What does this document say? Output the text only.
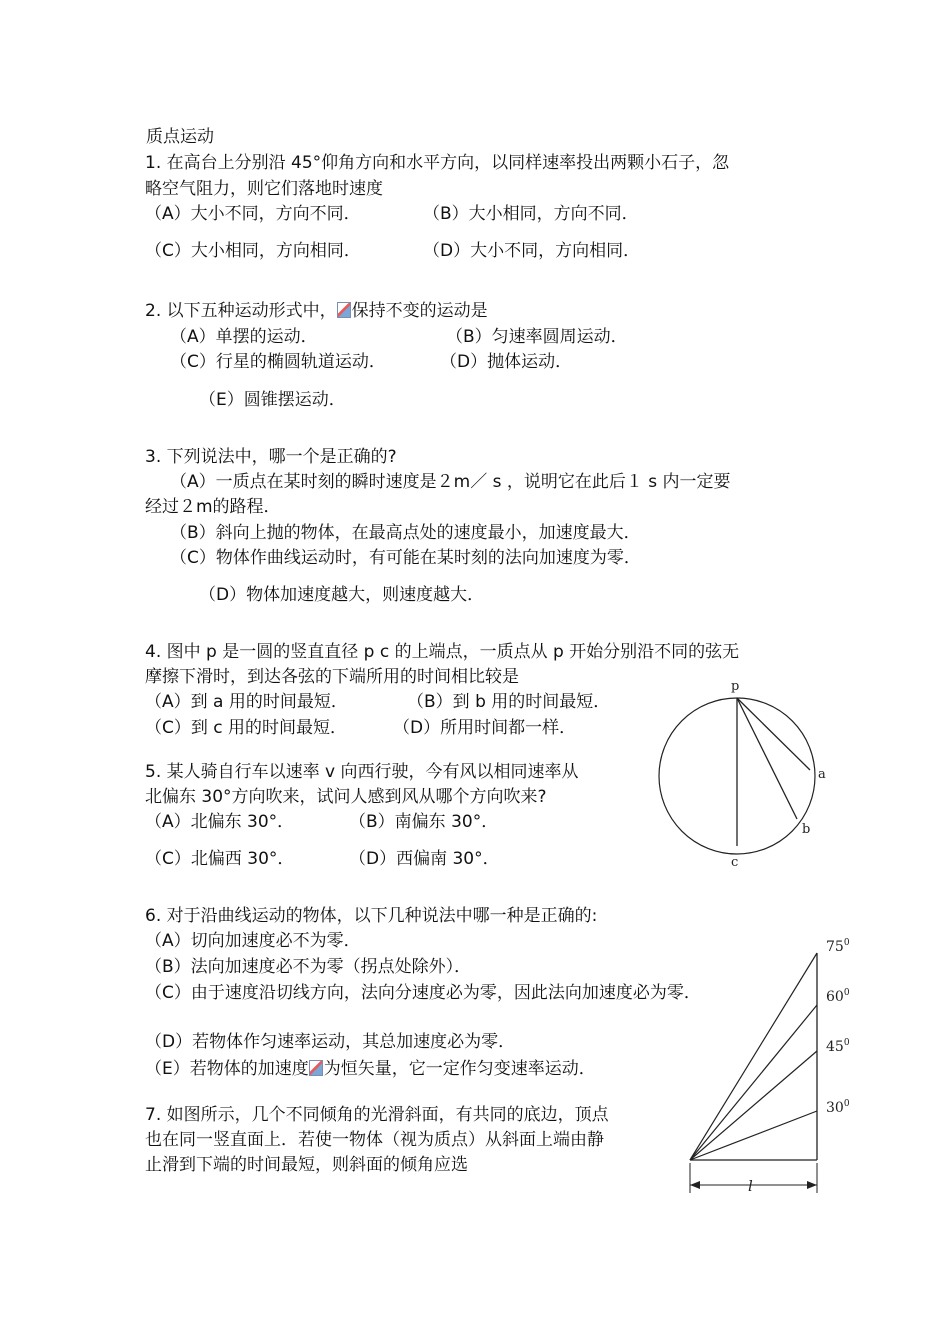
质点运动
1. 在高台上分别沿 45°仰角方向和水平方向，以同样速率投出两颗小石子，忽
略空气阻力，则它们落地时速度
（A）大小不同，方向不同．	（B）大小相同，方向不同．
（C）大小相同，方向相同．	（D）大小不同，方向相同．
2. 以下五种运动形式中， 保持不变的运动是
（A）单摆的运动．	（B）匀速率圆周运动．
（C）行星的椭圆轨道运动．	（D）抛体运动．
（E）圆锥摆运动．
3. 下列说法中，哪一个是正确的?
（A）一质点在某时刻的瞬时速度是２m／ s ，说明它在此后１ s 内一定要
经过２m的路程．
（B）斜向上抛的物体，在最高点处的速度最小，加速度最大．
（C）物体作曲线运动时，有可能在某时刻的法向加速度为零．
（D）物体加速度越大，则速度越大．
4. 图中 p 是一圆的竖直直径 p c 的上端点，一质点从 p 开始分别沿不同的弦无
摩擦下滑时，到达各弦的下端所用的时间相比较是
（A）到 a 用的时间最短．	（B）到 b 用的时间最短．
（C）到 c 用的时间最短．	（D）所用时间都一样．
p
a
b
c
5. 某人骑自行车以速率 v 向西行驶，今有风以相同速率从
北偏东 30°方向吹来，试问人感到风从哪个方向吹来?
（A）北偏东 30°．	（B）南偏东 30°．
（C）北偏西 30°．	（D）西偏南 30°．
6. 对于沿曲线运动的物体，以下几种说法中哪一种是正确的:
（A）切向加速度必不为零．
（B）法向加速度必不为零（拐点处除外）．
（C）由于速度沿切线方向，法向分速度必为零，因此法向加速度必为零．
（D）若物体作匀速率运动，其总加速度必为零．
（E）若物体的加速度 为恒矢量，它一定作匀变速率运动．
7. 如图所示，几个不同倾角的光滑斜面，有共同的底边，顶点
也在同一竖直面上．若使一物体（视为质点）从斜面上端由静
止滑到下端的时间最短，则斜面的倾角应选
$75^0$
$60^0$
$45^0$
$30^0$
l
